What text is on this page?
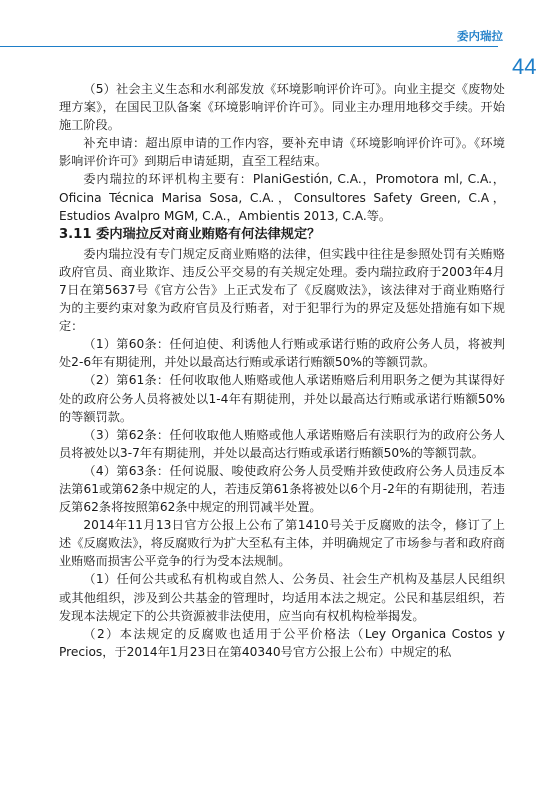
委内瑞拉
44

（5）社会主义生态和水利部发放《环境影响评价许可》。向业主提交《废物处理方案》，在国民卫队备案《环境影响评价许可》。同业主办理用地移交手续。开始施工阶段。

补充申请：超出原申请的工作内容，要补充申请《环境影响评价许可》。《环境影响评价许可》到期后申请延期，直至工程结束。

委内瑞拉的环评机构主要有：PlaniGestión, C.A.，Promotora ml, C.A.，Oficina Técnica Marisa Sosa, C.A.，Consultores Safety Green, C.A，Estudios Avalpro MGM, C.A.，Ambientis 2013, C.A.等。

3.11 委内瑞拉反对商业贿赂有何法律规定？

委内瑞拉没有专门规定反商业贿赂的法律，但实践中往往是参照处罚有关贿赂政府官员、商业欺诈、违反公平交易的有关规定处理。委内瑞拉政府于2003年4月7日在第5637号《官方公告》上正式发布了《反腐败法》，该法律对于商业贿赂行为的主要约束对象为政府官员及行贿者，对于犯罪行为的界定及惩处措施有如下规定：

（1）第60条：任何迫使、利诱他人行贿或承诺行贿的政府公务人员，将被判处2-6年有期徒刑，并处以最高达行贿或承诺行贿额50%的等额罚款。

（2）第61条：任何收取他人贿赂或他人承诺贿赂后利用职务之便为其谋得好处的政府公务人员将被处以1-4年有期徒刑，并处以最高达行贿或承诺行贿额50%的等额罚款。

（3）第62条：任何收取他人贿赂或他人承诺贿赂后有渎职行为的政府公务人员将被处以3-7年有期徒刑，并处以最高达行贿或承诺行贿额50%的等额罚款。

（4）第63条：任何说服、唆使政府公务人员受贿并致使政府公务人员违反本法第61或第62条中规定的人，若违反第61条将被处以6个月-2年的有期徒刑，若违反第62条将按照第62条中规定的刑罚减半处置。

2014年11月13日官方公报上公布了第1410号关于反腐败的法令，修订了上述《反腐败法》，将反腐败行为扩大至私有主体，并明确规定了市场参与者和政府商业贿赂而损害公平竞争的行为受本法规制。

（1）任何公共或私有机构或自然人、公务员、社会生产机构及基层人民组织或其他组织，涉及到公共基金的管理时，均适用本法之规定。公民和基层组织，若发现本法规定下的公共资源被非法使用，应当向有权机构检举揭发。

（2）本法规定的反腐败也适用于公平价格法（Ley Organica Costos y Precios，于2014年1月23日在第40340号官方公报上公布）中规定的私
